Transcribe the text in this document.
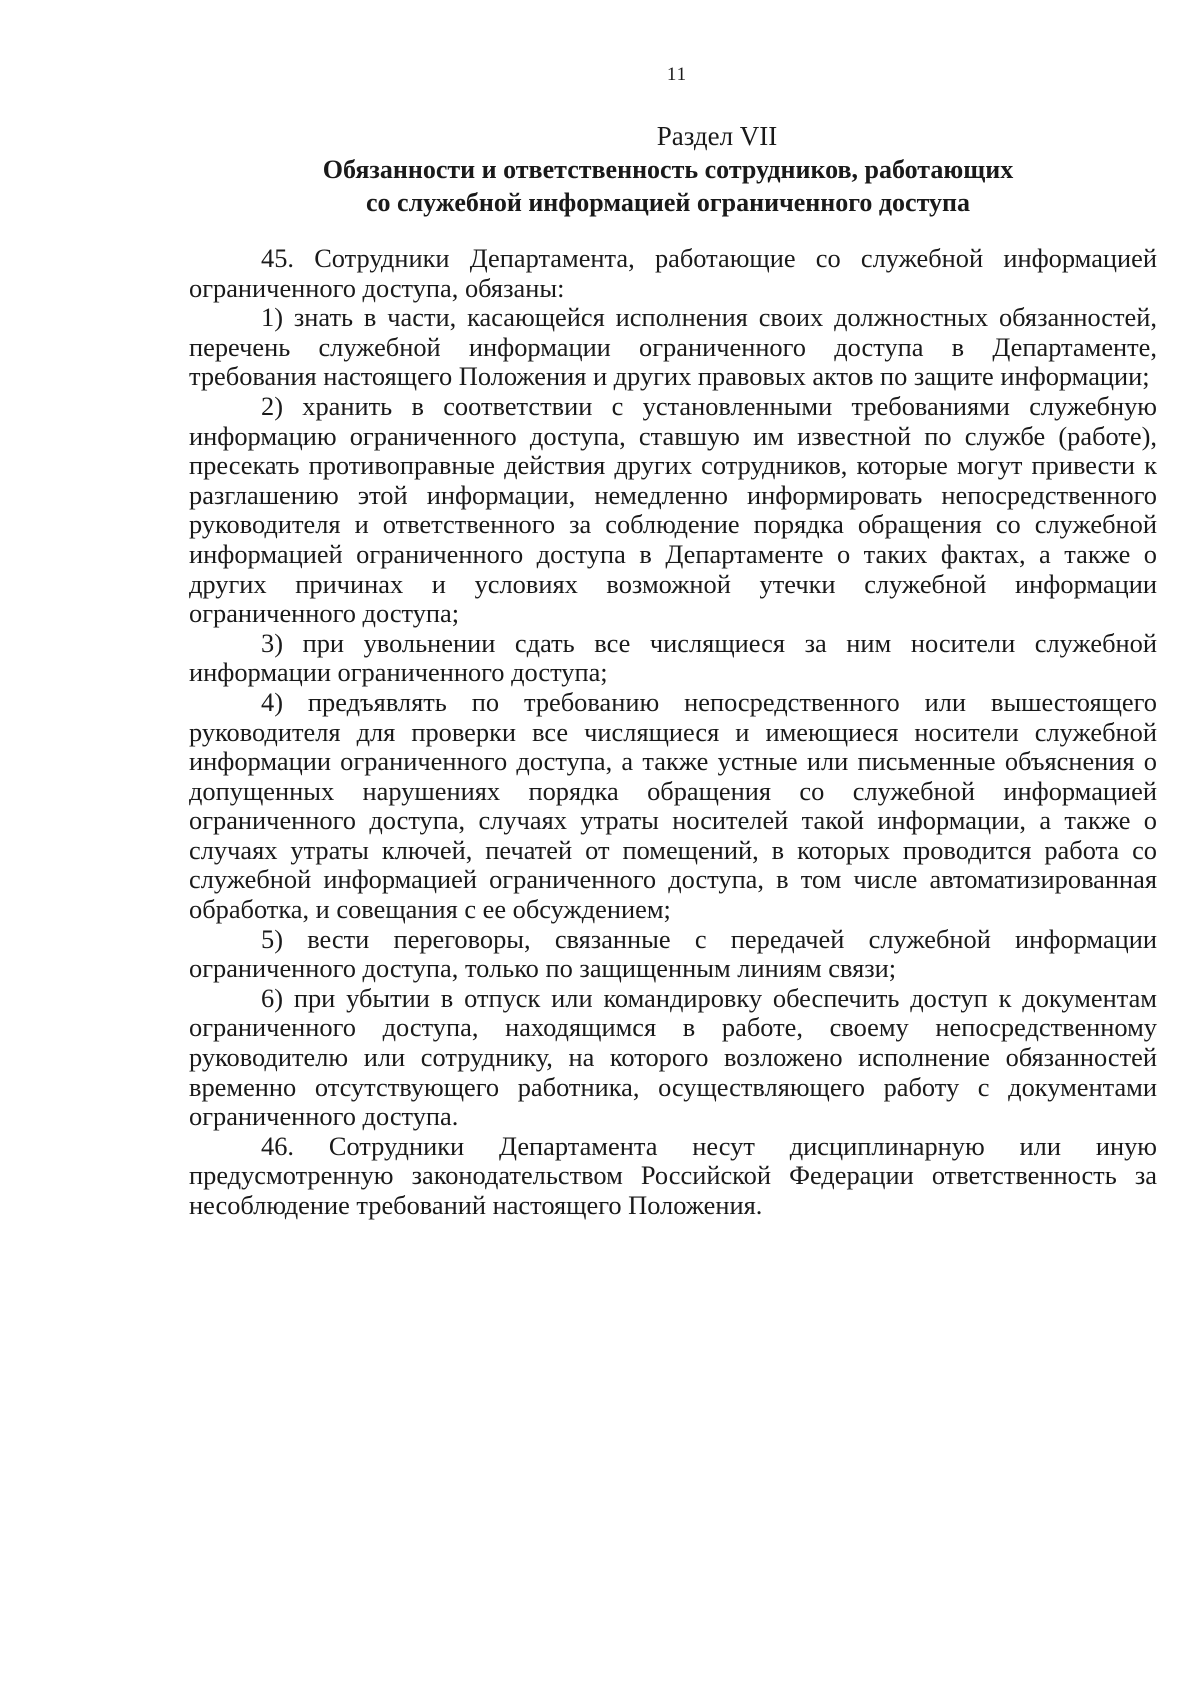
11

Раздел VII

Обязанности и ответственность сотрудников, работающих

со служебной информацией ограниченного доступа

45. Сотрудники Департамента, работающие со служебной информацией ограниченного доступа, обязаны:

1) знать в части, касающейся исполнения своих должностных обязанностей, перечень служебной информации ограниченного доступа в Департаменте, требования настоящего Положения и других правовых актов по защите информации;

2) хранить в соответствии с установленными требованиями служебную информацию ограниченного доступа, ставшую им известной по службе (работе), пресекать противоправные действия других сотрудников, которые могут привести к разглашению этой информации, немедленно информировать непосредственного руководителя и ответственного за соблюдение порядка обращения со служебной информацией ограниченного доступа в Департаменте о таких фактах, а также о других причинах и условиях возможной утечки служебной информации ограниченного доступа;

3) при увольнении сдать все числящиеся за ним носители служебной информации ограниченного доступа;

4) предъявлять по требованию непосредственного или вышестоящего руководителя для проверки все числящиеся и имеющиеся носители служебной информации ограниченного доступа, а также устные или письменные объяснения о допущенных нарушениях порядка обращения со служебной информацией ограниченного доступа, случаях утраты носителей такой информации, а также о случаях утраты ключей, печатей от помещений, в которых проводится работа со служебной информацией ограниченного доступа, в том числе автоматизированная обработка, и совещания с ее обсуждением;

5) вести переговоры, связанные с передачей служебной информации ограниченного доступа, только по защищенным линиям связи;

6) при убытии в отпуск или командировку обеспечить доступ к документам ограниченного доступа, находящимся в работе, своему непосредственному руководителю или сотруднику, на которого возложено исполнение обязанностей временно отсутствующего работника, осуществляющего работу с документами ограниченного доступа.

46. Сотрудники Департамента несут дисциплинарную или иную предусмотренную законодательством Российской Федерации ответственность за несоблюдение требований настоящего Положения.
